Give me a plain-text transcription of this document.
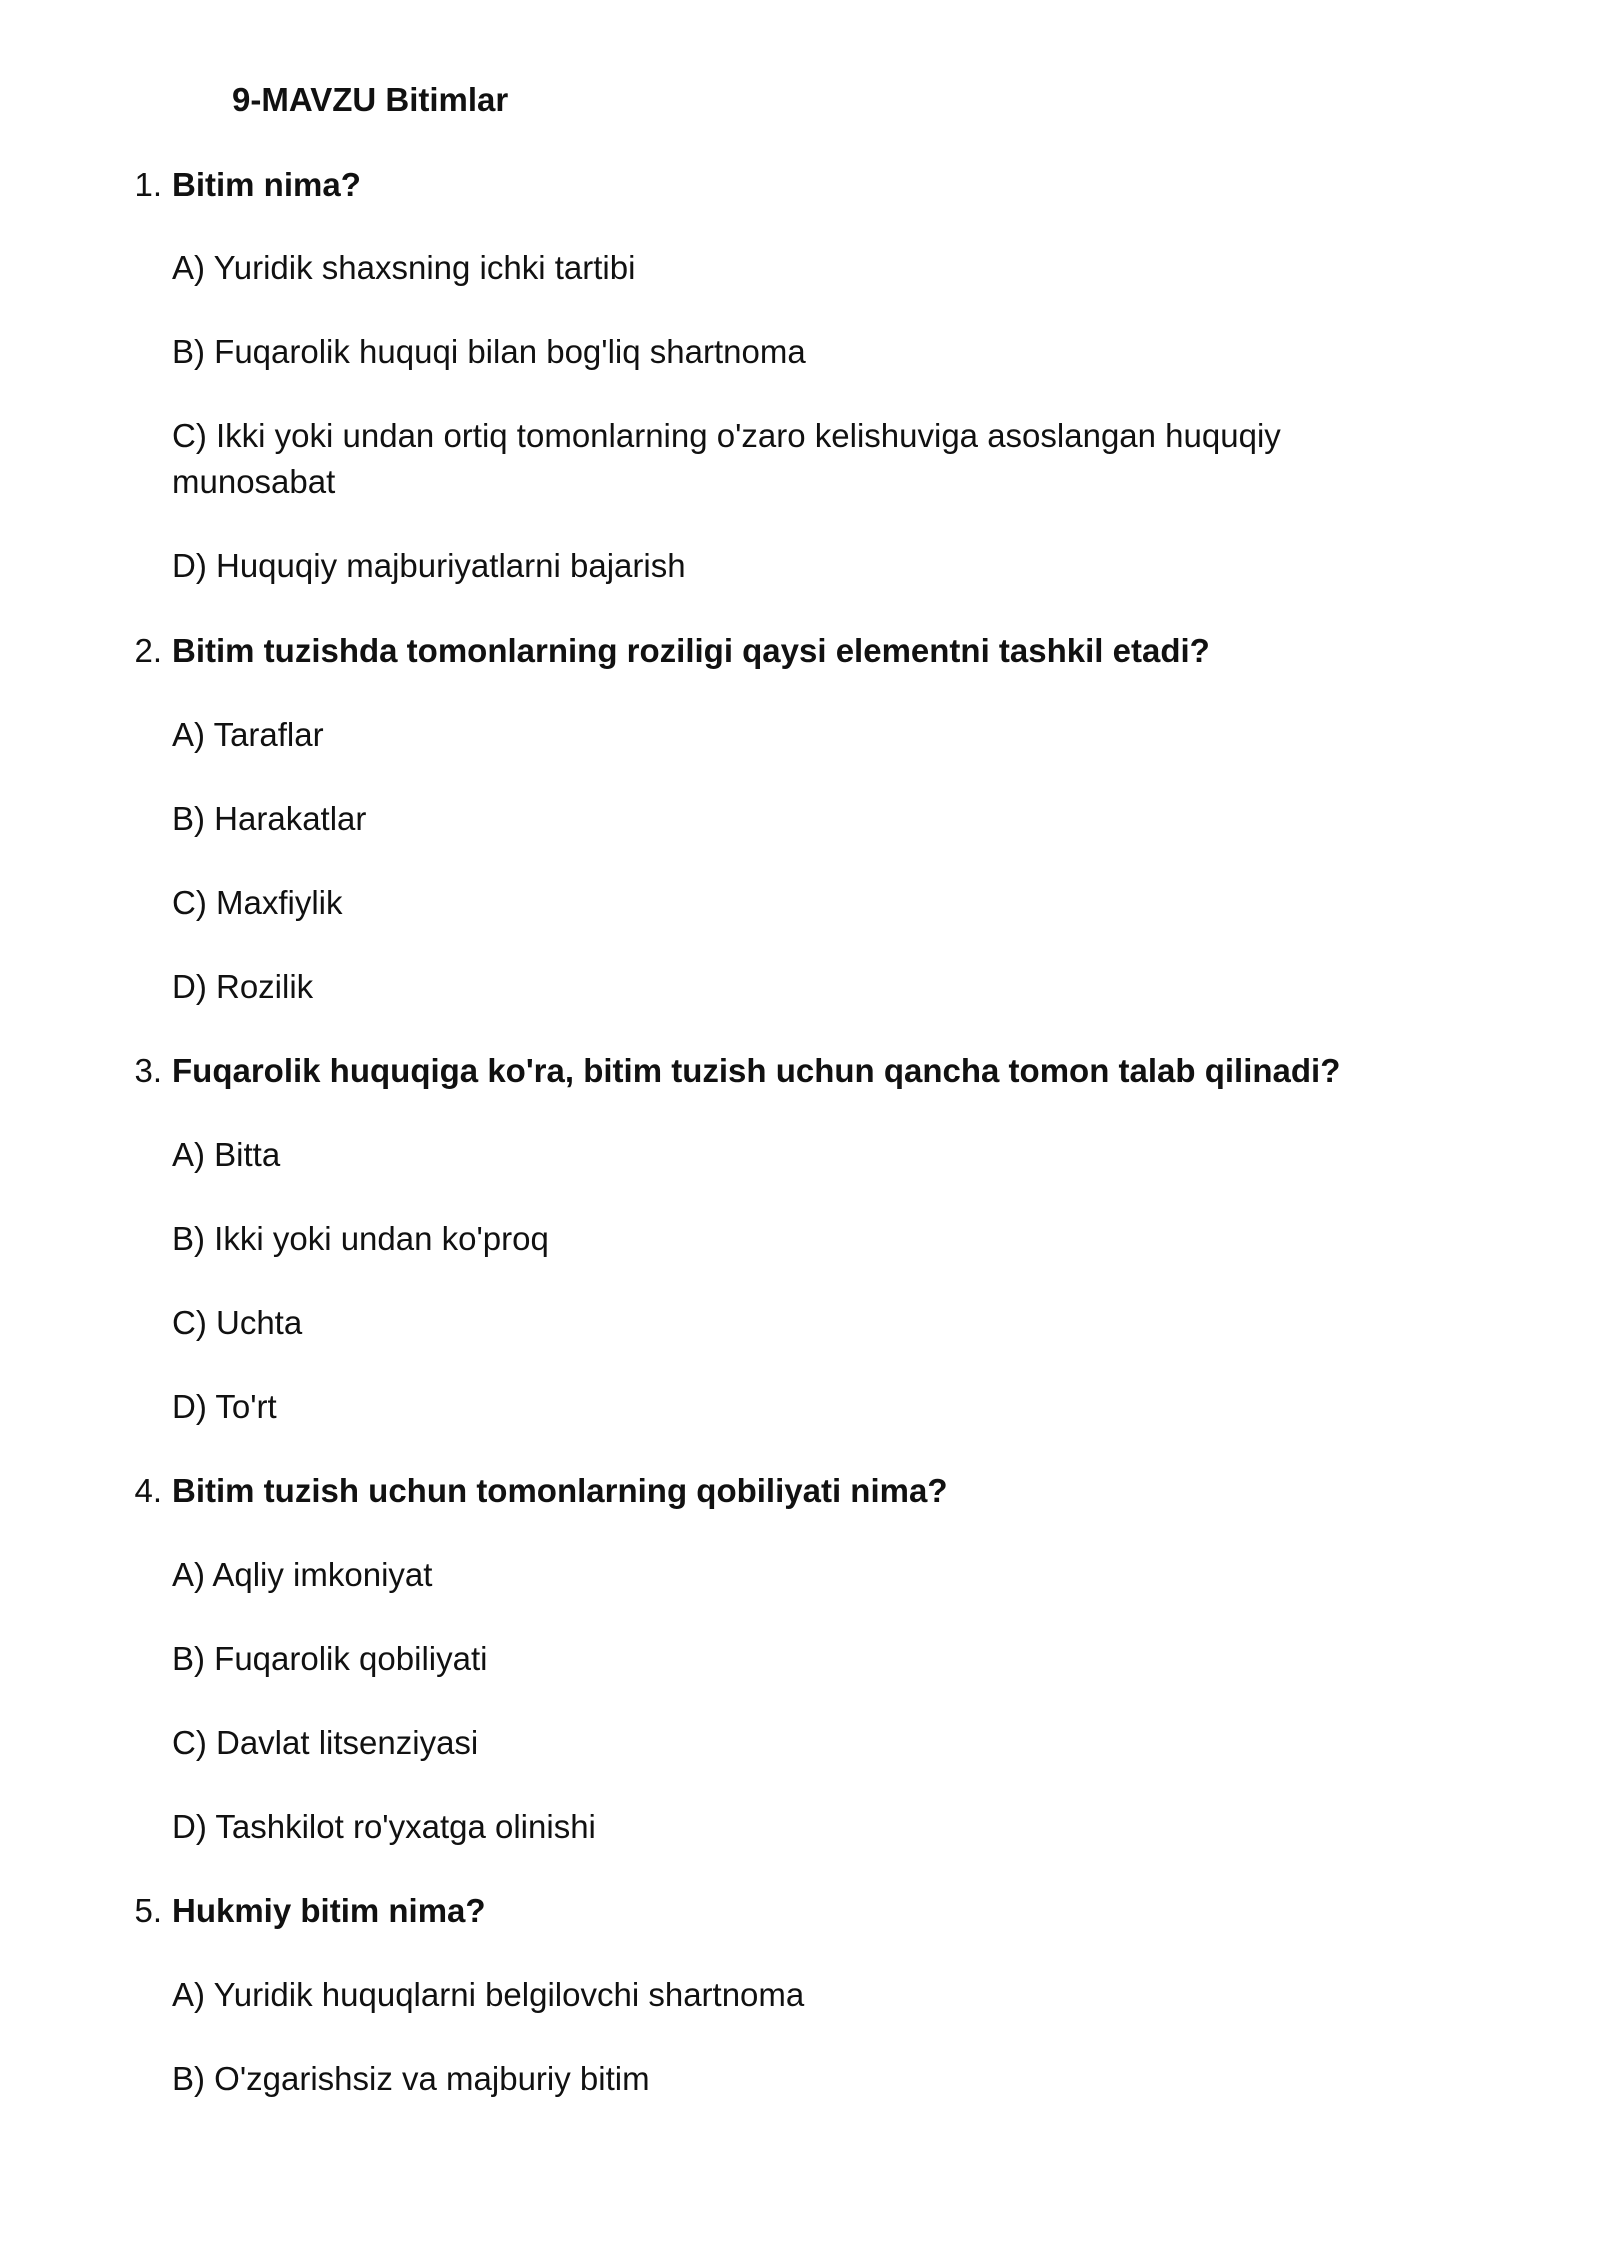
9-MAVZU Bitimlar
1. Bitim nima?
A) Yuridik shaxsning ichki tartibi
B) Fuqarolik huquqi bilan bog'liq shartnoma
C) Ikki yoki undan ortiq tomonlarning o'zaro kelishuviga asoslangan huquqiy munosabat
D) Huquqiy majburiyatlarni bajarish
2. Bitim tuzishda tomonlarning roziligi qaysi elementni tashkil etadi?
A) Taraflar
B) Harakatlar
C) Maxfiylik
D) Rozilik
3. Fuqarolik huquqiga ko'ra, bitim tuzish uchun qancha tomon talab qilinadi?
A) Bitta
B) Ikki yoki undan ko'proq
C) Uchta
D) To'rt
4. Bitim tuzish uchun tomonlarning qobiliyati nima?
A) Aqliy imkoniyat
B) Fuqarolik qobiliyati
C) Davlat litsenziyasi
D) Tashkilot ro'yxatga olinishi
5. Hukmiy bitim nima?
A) Yuridik huquqlarni belgilovchi shartnoma
B) O'zgarishsiz va majburiy bitim
